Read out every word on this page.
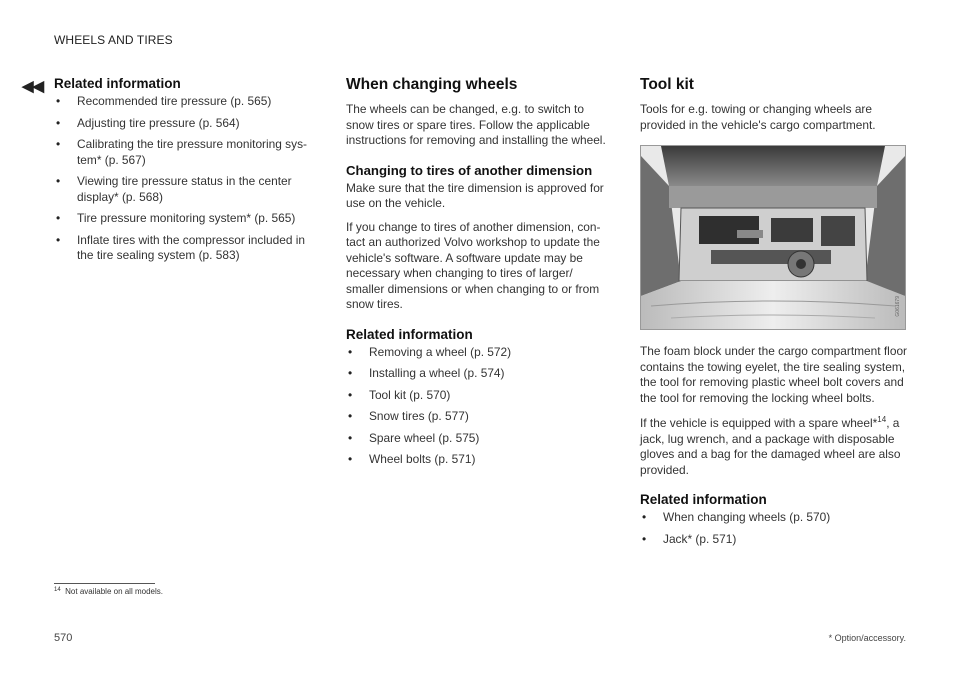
WHEELS AND TIRES
◀◀ Related information
• Recommended tire pressure (p. 565)
• Adjusting tire pressure (p. 564)
• Calibrating the tire pressure monitoring sys-tem* (p. 567)
• Viewing tire pressure status in the center display* (p. 568)
• Tire pressure monitoring system* (p. 565)
• Inflate tires with the compressor included in the tire sealing system (p. 583)
When changing wheels

The wheels can be changed, e.g. to switch to snow tires or spare tires. Follow the applicable instructions for removing and installing the wheel.

Changing to tires of another dimension

Make sure that the tire dimension is approved for use on the vehicle.

If you change to tires of another dimension, con-tact an authorized Volvo workshop to update the vehicle's software. A software update may be necessary when changing to tires of larger/ smaller dimensions or when changing to or from snow tires.

Related information
• Removing a wheel (p. 572)
• Installing a wheel (p. 574)
• Tool kit (p. 570)
• Snow tires (p. 577)
• Spare wheel (p. 575)
• Wheel bolts (p. 571)
Tool kit

Tools for e.g. towing or changing wheels are provided in the vehicle's cargo compartment.

G061679

The foam block under the cargo compartment floor contains the towing eyelet, the tire sealing system, the tool for removing plastic wheel bolt covers and the tool for removing the locking wheel bolts.

If the vehicle is equipped with a spare wheel*$^{14}$, a jack, lug wrench, and a package with disposable gloves and a bag for the damaged wheel are also provided.

Related information
• When changing wheels (p. 570)
• Jack* (p. 571)
$^{14}$ Not available on all models.
570	* Option/accessory.
